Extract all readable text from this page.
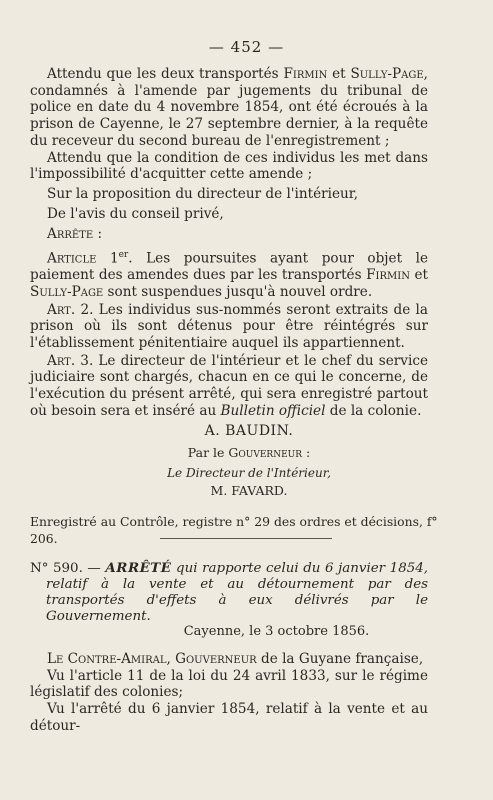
— 452 —

Attendu que les deux transportés Firmin et Sully-Page, condamnés à l'amende par jugements du tribunal de police en date du 4 novembre 1854, ont été écroués à la prison de Cayenne, le 27 septembre dernier, à la requête du receveur du second bureau de l'enregistrement ;

Attendu que la condition de ces individus les met dans l'impossibilité d'acquitter cette amende ;

Sur la proposition du directeur de l'intérieur,

De l'avis du conseil privé,

Arrête :

Article 1er. Les poursuites ayant pour objet le paiement des amendes dues par les transportés Firmin et Sully-Page sont suspendues jusqu'à nouvel ordre.

Art. 2. Les individus sus-nommés seront extraits de la prison où ils sont détenus pour être réintégrés sur l'établissement pénitentiaire auquel ils appartiennent.

Art. 3. Le directeur de l'intérieur et le chef du service judiciaire sont chargés, chacun en ce qui le concerne, de l'exécution du présent arrêté, qui sera enregistré partout où besoin sera et inséré au Bulletin officiel de la colonie.

A. BAUDIN.
Par le Gouverneur :
Le Directeur de l'Intérieur,
M. FAVARD.

Enregistré au Contrôle, registre n° 29 des ordres et décisions, f° 206.

N° 590. — ARRÊTÉ qui rapporte celui du 6 janvier 1854, relatif à la vente et au détournement par des transportés d'effets à eux délivrés par le Gouvernement.

Cayenne, le 3 octobre 1856.

Le Contre-Amiral, Gouverneur de la Guyane française,

Vu l'article 11 de la loi du 24 avril 1833, sur le régime législatif des colonies;

Vu l'arrêté du 6 janvier 1854, relatif à la vente et au détour-
